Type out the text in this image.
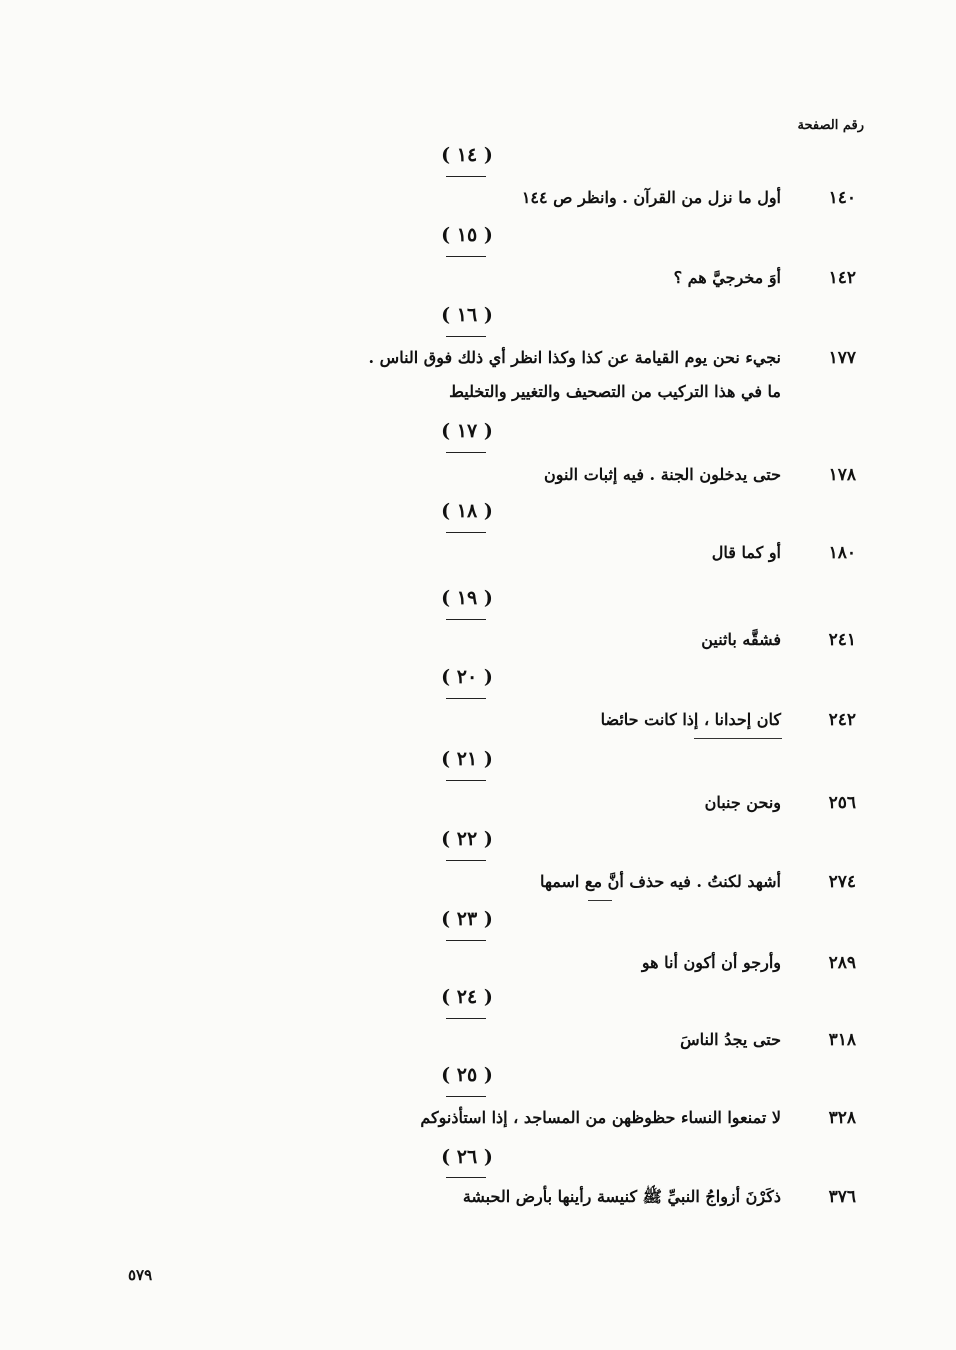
رقم الصفحة
( ١٤ )
١٤٠
أول ما نزل من القرآن . وانظر ص ١٤٤
( ١٥ )
١٤٢
أوَ مخرجيَّ هم ؟
( ١٦ )
١٧٧
نجيء نحن يوم القيامة عن كذا وكذا انظر أي ذلك فوق الناس .
ما في هذا التركيب من التصحيف والتغيير والتخليط
( ١٧ )
١٧٨
حتى يدخلون الجنة . فيه إثبات النون
( ١٨ )
١٨٠
أو كما قال
( ١٩ )
٢٤١
فشقَّه باثنين
( ٢٠ )
٢٤٢
كان إحدانا ، إذا كانت حائضا
( ٢١ )
٢٥٦
ونحن جنبان
( ٢٢ )
٢٧٤
أشهد لكنتُ . فيه حذف أنَّ مع اسمها
( ٢٣ )
٢٨٩
وأرجو أن أكون أنا هو
( ٢٤ )
٣١٨
حتى يجدُ الناسَ
( ٢٥ )
٣٢٨
لا تمنعوا النساء حظوظهن من المساجد ، إذا استأذنوكم
( ٢٦ )
٣٧٦
ذكَرْنَ أزواجُ النبيِّ ﷺ كنيسة رأينها بأرض الحبشة
٥٧٩
